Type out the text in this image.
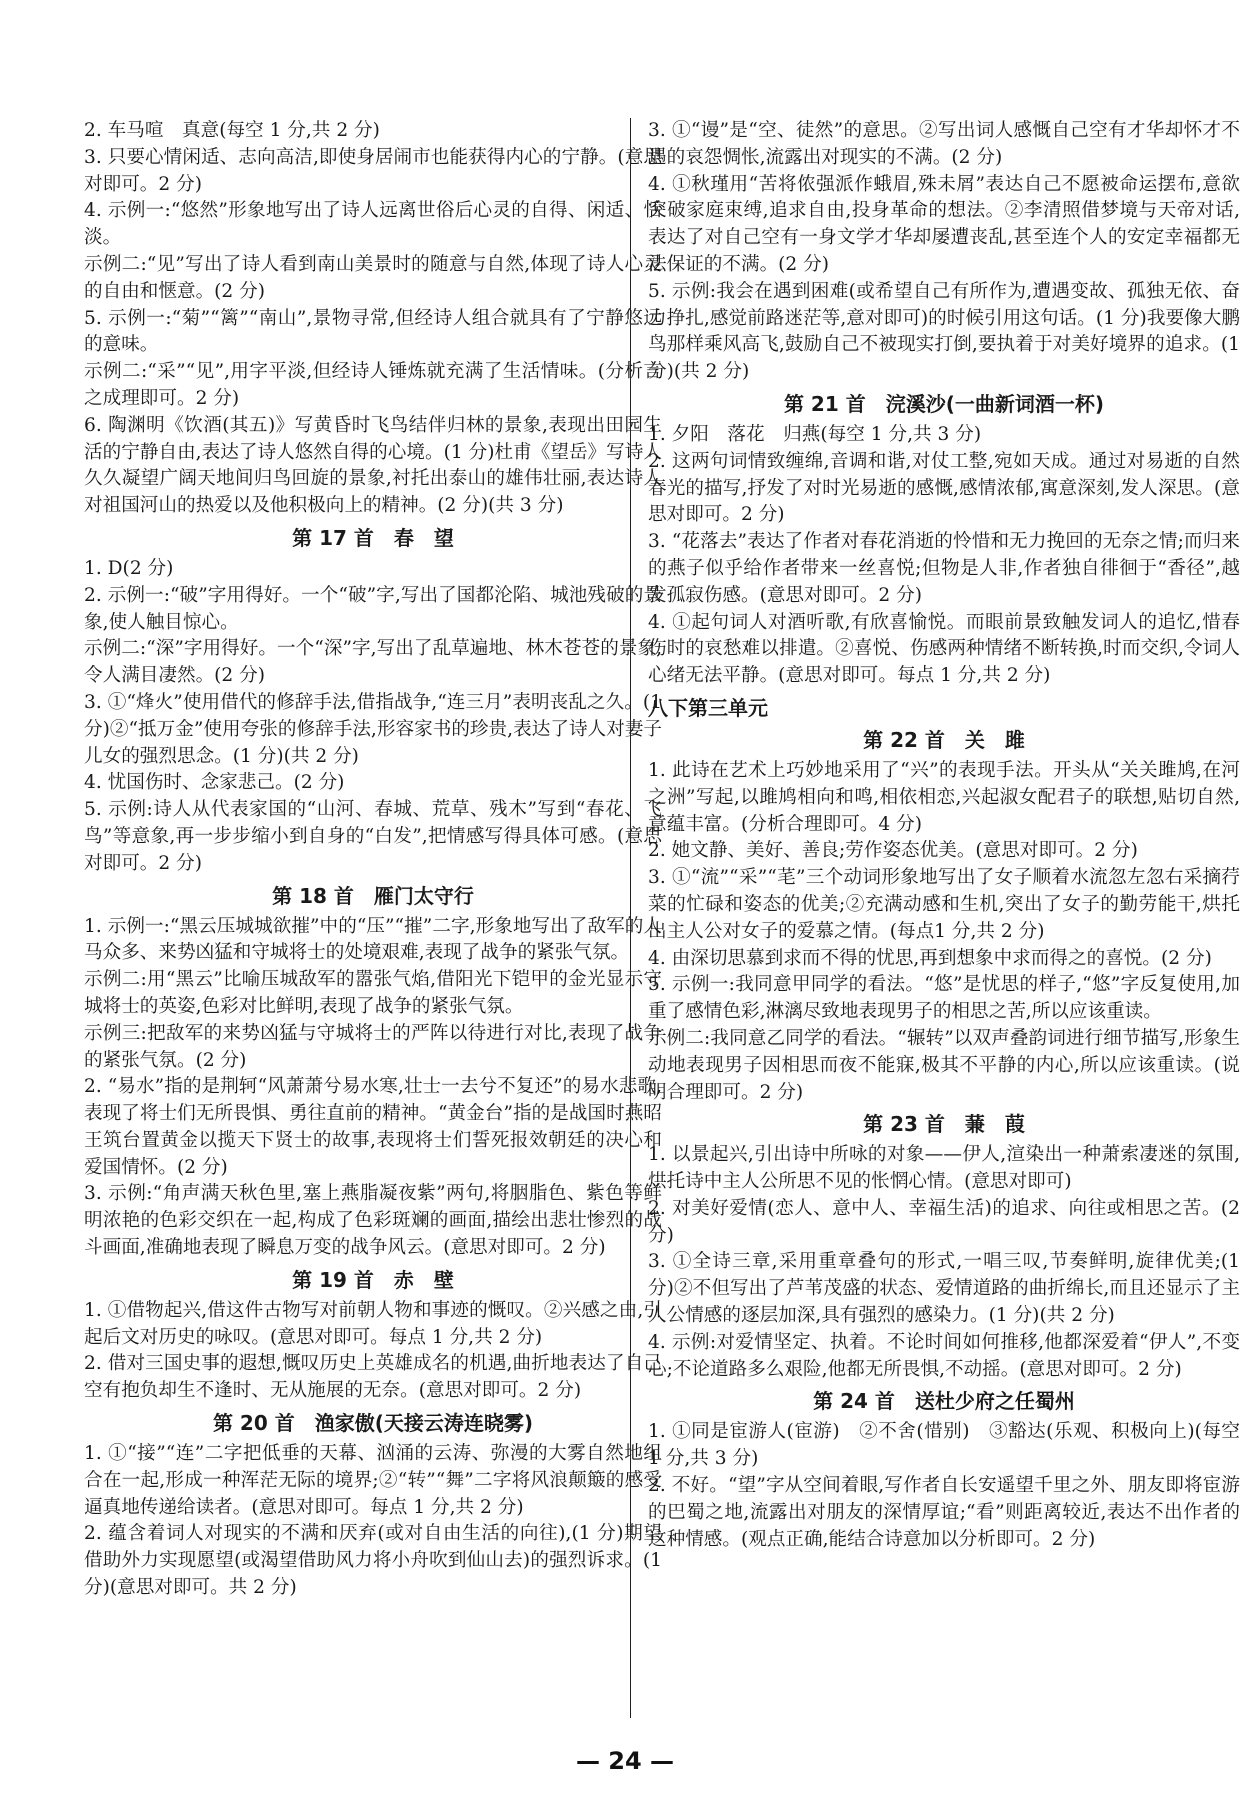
2. 车马喧　真意(每空 1 分,共 2 分)
3. 只要心情闲适、志向高洁,即使身居闹市也能获得内心的宁静。(意思对即可。2 分)
4. 示例一:“悠然”形象地写出了诗人远离世俗后心灵的自得、闲适、恬淡。
示例二:“见”写出了诗人看到南山美景时的随意与自然,体现了诗人心灵的自由和惬意。(2 分)
5. 示例一:“菊”“篱”“南山”,景物寻常,但经诗人组合就具有了宁静悠远的意味。
示例二:“采”“见”,用字平淡,但经诗人锤炼就充满了生活情味。(分析言之成理即可。2 分)
6. 陶渊明《饮酒(其五)》写黄昏时飞鸟结伴归林的景象,表现出田园生活的宁静自由,表达了诗人悠然自得的心境。(1 分)杜甫《望岳》写诗人久久凝望广阔天地间归鸟回旋的景象,衬托出泰山的雄伟壮丽,表达诗人对祖国河山的热爱以及他积极向上的精神。(2 分)(共 3 分)
第 17 首　春　望
1. D(2 分)
2. 示例一:“破”字用得好。一个“破”字,写出了国都沦陷、城池残破的景象,使人触目惊心。
示例二:“深”字用得好。一个“深”字,写出了乱草遍地、林木苍苍的景象,令人满目凄然。(2 分)
3. ①“烽火”使用借代的修辞手法,借指战争,“连三月”表明丧乱之久。(1 分)②“抵万金”使用夸张的修辞手法,形容家书的珍贵,表达了诗人对妻子儿女的强烈思念。(1 分)(共 2 分)
4. 忧国伤时、念家悲己。(2 分)
5. 示例:诗人从代表家国的“山河、春城、荒草、残木”写到“春花、飞鸟”等意象,再一步步缩小到自身的“白发”,把情感写得具体可感。(意思对即可。2 分)
第 18 首　雁门太守行
1. 示例一:“黑云压城城欲摧”中的“压”“摧”二字,形象地写出了敌军的人马众多、来势凶猛和守城将士的处境艰难,表现了战争的紧张气氛。
示例二:用“黑云”比喻压城敌军的嚣张气焰,借阳光下铠甲的金光显示守城将士的英姿,色彩对比鲜明,表现了战争的紧张气氛。
示例三:把敌军的来势凶猛与守城将士的严阵以待进行对比,表现了战争的紧张气氛。(2 分)
2. “易水”指的是荆轲“风萧萧兮易水寒,壮士一去兮不复还”的易水悲歌,表现了将士们无所畏惧、勇往直前的精神。“黄金台”指的是战国时燕昭王筑台置黄金以揽天下贤士的故事,表现将士们誓死报效朝廷的决心和爱国情怀。(2 分)
3. 示例:“角声满天秋色里,塞上燕脂凝夜紫”两句,将胭脂色、紫色等鲜明浓艳的色彩交织在一起,构成了色彩斑斓的画面,描绘出悲壮惨烈的战斗画面,准确地表现了瞬息万变的战争风云。(意思对即可。2 分)
第 19 首　赤　壁
1. ①借物起兴,借这件古物写对前朝人物和事迹的慨叹。②兴感之由,引起后文对历史的咏叹。(意思对即可。每点 1 分,共 2 分)
2. 借对三国史事的遐想,慨叹历史上英雄成名的机遇,曲折地表达了自己空有抱负却生不逢时、无从施展的无奈。(意思对即可。2 分)
第 20 首　渔家傲(天接云涛连晓雾)
1. ①“接”“连”二字把低垂的天幕、汹涌的云涛、弥漫的大雾自然地组合在一起,形成一种浑茫无际的境界;②“转”“舞”二字将风浪颠簸的感受逼真地传递给读者。(意思对即可。每点 1 分,共 2 分)
2. 蕴含着词人对现实的不满和厌弃(或对自由生活的向往),(1 分)期望借助外力实现愿望(或渴望借助风力将小舟吹到仙山去)的强烈诉求。(1 分)(意思对即可。共 2 分)
3. ①“谩”是“空、徒然”的意思。②写出词人感慨自己空有才华却怀才不遇的哀怨惆怅,流露出对现实的不满。(2 分)
4. ①秋瑾用“苦将侬强派作蛾眉,殊未屑”表达自己不愿被命运摆布,意欲突破家庭束缚,追求自由,投身革命的想法。②李清照借梦境与天帝对话,表达了对自己空有一身文学才华却屡遭丧乱,甚至连个人的安定幸福都无法保证的不满。(2 分)
5. 示例:我会在遇到困难(或希望自己有所作为,遭遇变故、孤独无依、奋力挣扎,感觉前路迷茫等,意对即可)的时候引用这句话。(1 分)我要像大鹏鸟那样乘风高飞,鼓励自己不被现实打倒,要执着于对美好境界的追求。(1 分)(共 2 分)
第 21 首　浣溪沙(一曲新词酒一杯)
1. 夕阳　落花　归燕(每空 1 分,共 3 分)
2. 这两句词情致缠绵,音调和谐,对仗工整,宛如天成。通过对易逝的自然春光的描写,抒发了对时光易逝的感慨,感情浓郁,寓意深刻,发人深思。(意思对即可。2 分)
3. “花落去”表达了作者对春花消逝的怜惜和无力挽回的无奈之情;而归来的燕子似乎给作者带来一丝喜悦;但物是人非,作者独自徘徊于“香径”,越发孤寂伤感。(意思对即可。2 分)
4. ①起句词人对酒听歌,有欣喜愉悦。而眼前景致触发词人的追忆,惜春伤时的哀愁难以排遣。②喜悦、伤感两种情绪不断转换,时而交织,令词人心绪无法平静。(意思对即可。每点 1 分,共 2 分)
八下第三单元
第 22 首　关　雎
1. 此诗在艺术上巧妙地采用了“兴”的表现手法。开头从“关关雎鸠,在河之洲”写起,以雎鸠相向和鸣,相依相恋,兴起淑女配君子的联想,贴切自然,意蕴丰富。(分析合理即可。4 分)
2. 她文静、美好、善良;劳作姿态优美。(意思对即可。2 分)
3. ①“流”“采”“芼”三个动词形象地写出了女子顺着水流忽左忽右采摘荇菜的忙碌和姿态的优美;②充满动感和生机,突出了女子的勤劳能干,烘托出主人公对女子的爱慕之情。(每点1 分,共 2 分)
4. 由深切思慕到求而不得的忧思,再到想象中求而得之的喜悦。(2 分)
5. 示例一:我同意甲同学的看法。“悠”是忧思的样子,“悠”字反复使用,加重了感情色彩,淋漓尽致地表现男子的相思之苦,所以应该重读。
示例二:我同意乙同学的看法。“辗转”以双声叠韵词进行细节描写,形象生动地表现男子因相思而夜不能寐,极其不平静的内心,所以应该重读。(说明合理即可。2 分)
第 23 首　蒹　葭
1. 以景起兴,引出诗中所咏的对象——伊人,渲染出一种萧索凄迷的氛围,烘托诗中主人公所思不见的怅惘心情。(意思对即可)
2. 对美好爱情(恋人、意中人、幸福生活)的追求、向往或相思之苦。(2 分)
3. ①全诗三章,采用重章叠句的形式,一唱三叹,节奏鲜明,旋律优美;(1 分)②不但写出了芦苇茂盛的状态、爱情道路的曲折绵长,而且还显示了主人公情感的逐层加深,具有强烈的感染力。(1 分)(共 2 分)
4. 示例:对爱情坚定、执着。不论时间如何推移,他都深爱着“伊人”,不变心;不论道路多么艰险,他都无所畏惧,不动摇。(意思对即可。2 分)
第 24 首　送杜少府之任蜀州
1. ①同是宦游人(宦游)　②不舍(惜别)　③豁达(乐观、积极向上)(每空 1 分,共 3 分)
2. 不好。“望”字从空间着眼,写作者自长安遥望千里之外、朋友即将宦游的巴蜀之地,流露出对朋友的深情厚谊;“看”则距离较近,表达不出作者的这种情感。(观点正确,能结合诗意加以分析即可。2 分)
— 24 —
